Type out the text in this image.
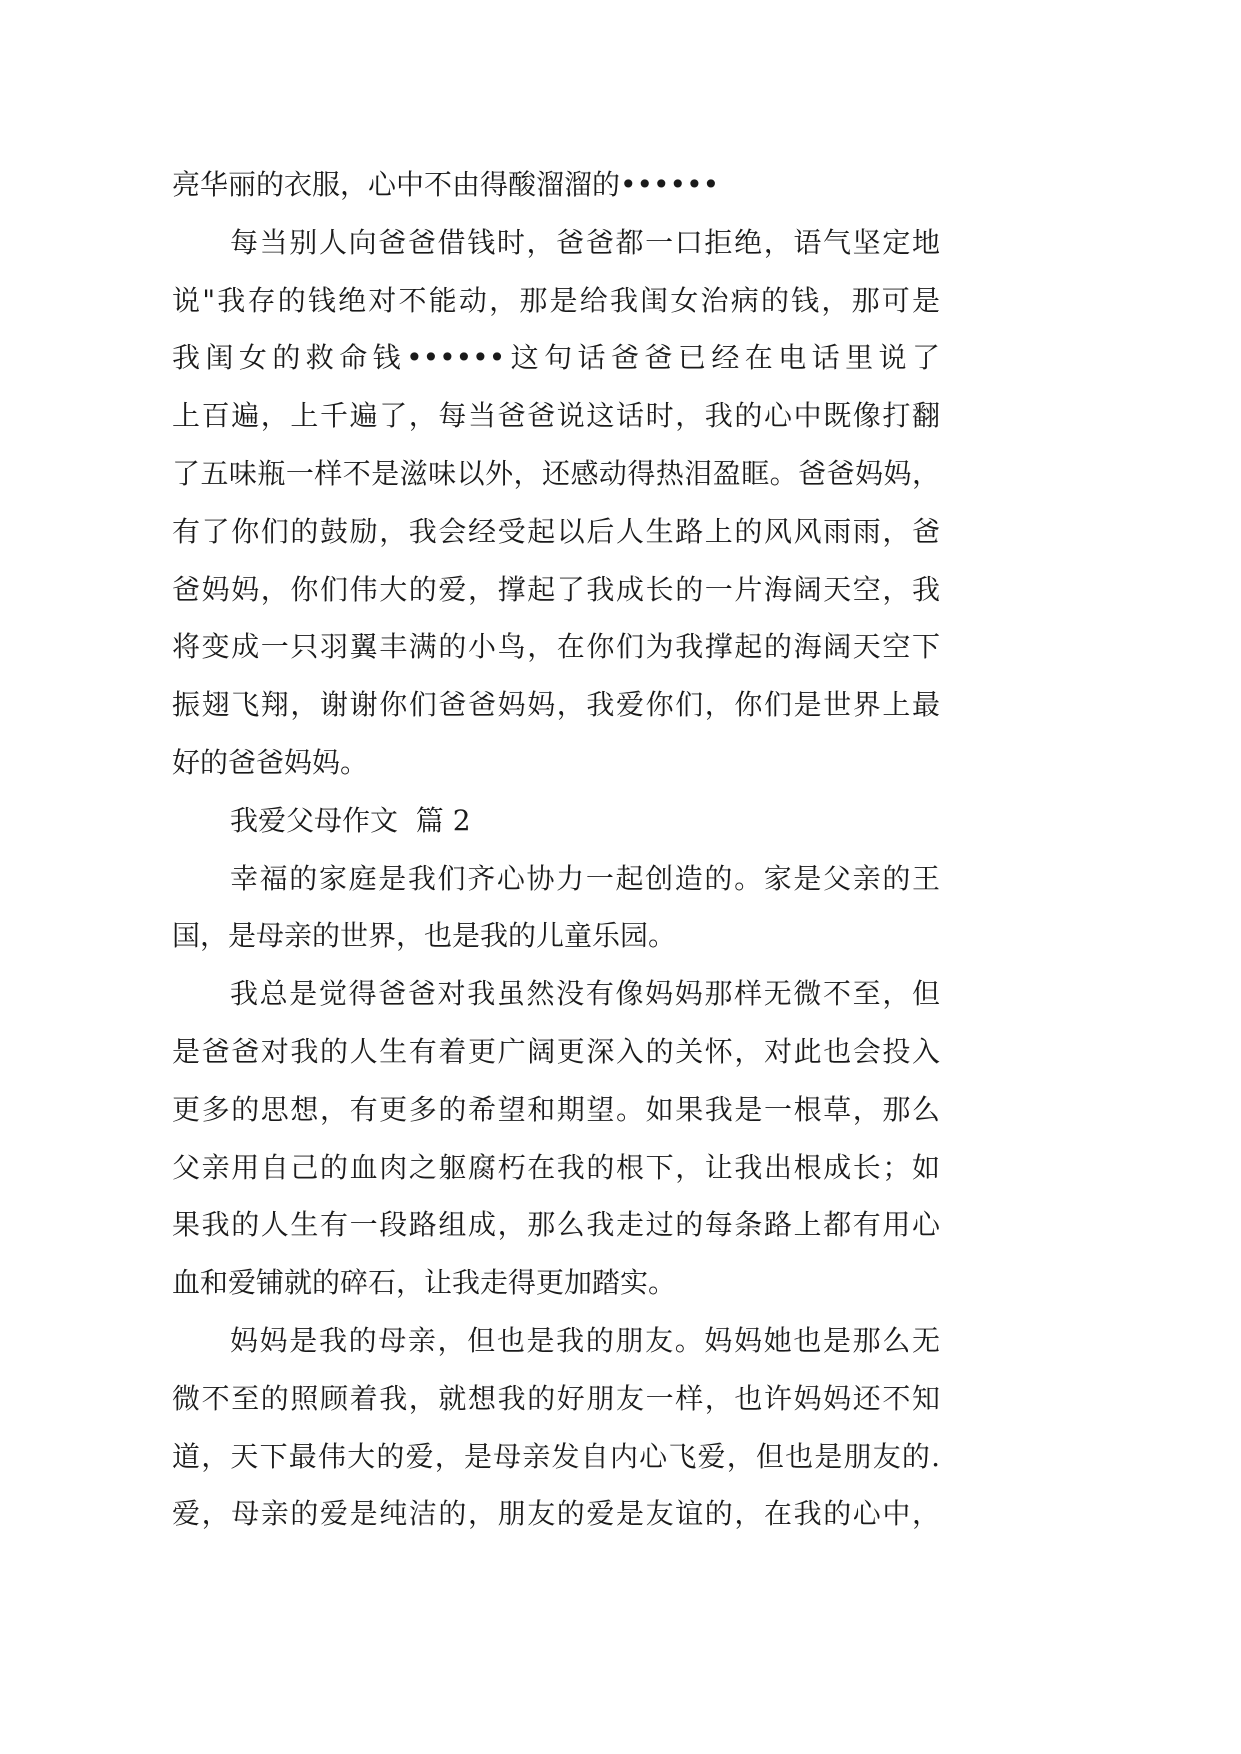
亮华丽的衣服，心中不由得酸溜溜的••••••
每当别人向爸爸借钱时，爸爸都一口拒绝，语气坚定地
说"我存的钱绝对不能动，那是给我闺女治病的钱，那可是
我闺女的救命钱••••••这句话爸爸已经在电话里说了
上百遍，上千遍了，每当爸爸说这话时，我的心中既像打翻
了五味瓶一样不是滋味以外，还感动得热泪盈眶。爸爸妈妈，
有了你们的鼓励，我会经受起以后人生路上的风风雨雨，爸
爸妈妈，你们伟大的爱，撑起了我成长的一片海阔天空，我
将变成一只羽翼丰满的小鸟，在你们为我撑起的海阔天空下
振翅飞翔，谢谢你们爸爸妈妈，我爱你们，你们是世界上最
好的爸爸妈妈。
我爱父母作文  篇 2
幸福的家庭是我们齐心协力一起创造的。家是父亲的王
国，是母亲的世界，也是我的儿童乐园。
我总是觉得爸爸对我虽然没有像妈妈那样无微不至，但
是爸爸对我的人生有着更广阔更深入的关怀，对此也会投入
更多的思想，有更多的希望和期望。如果我是一根草，那么
父亲用自己的血肉之躯腐朽在我的根下，让我出根成长；如
果我的人生有一段路组成，那么我走过的每条路上都有用心
血和爱铺就的碎石，让我走得更加踏实。
妈妈是我的母亲，但也是我的朋友。妈妈她也是那么无
微不至的照顾着我，就想我的好朋友一样，也许妈妈还不知
道，天下最伟大的爱，是母亲发自内心飞爱，但也是朋友的.
爱，母亲的爱是纯洁的，朋友的爱是友谊的，在我的心中，
